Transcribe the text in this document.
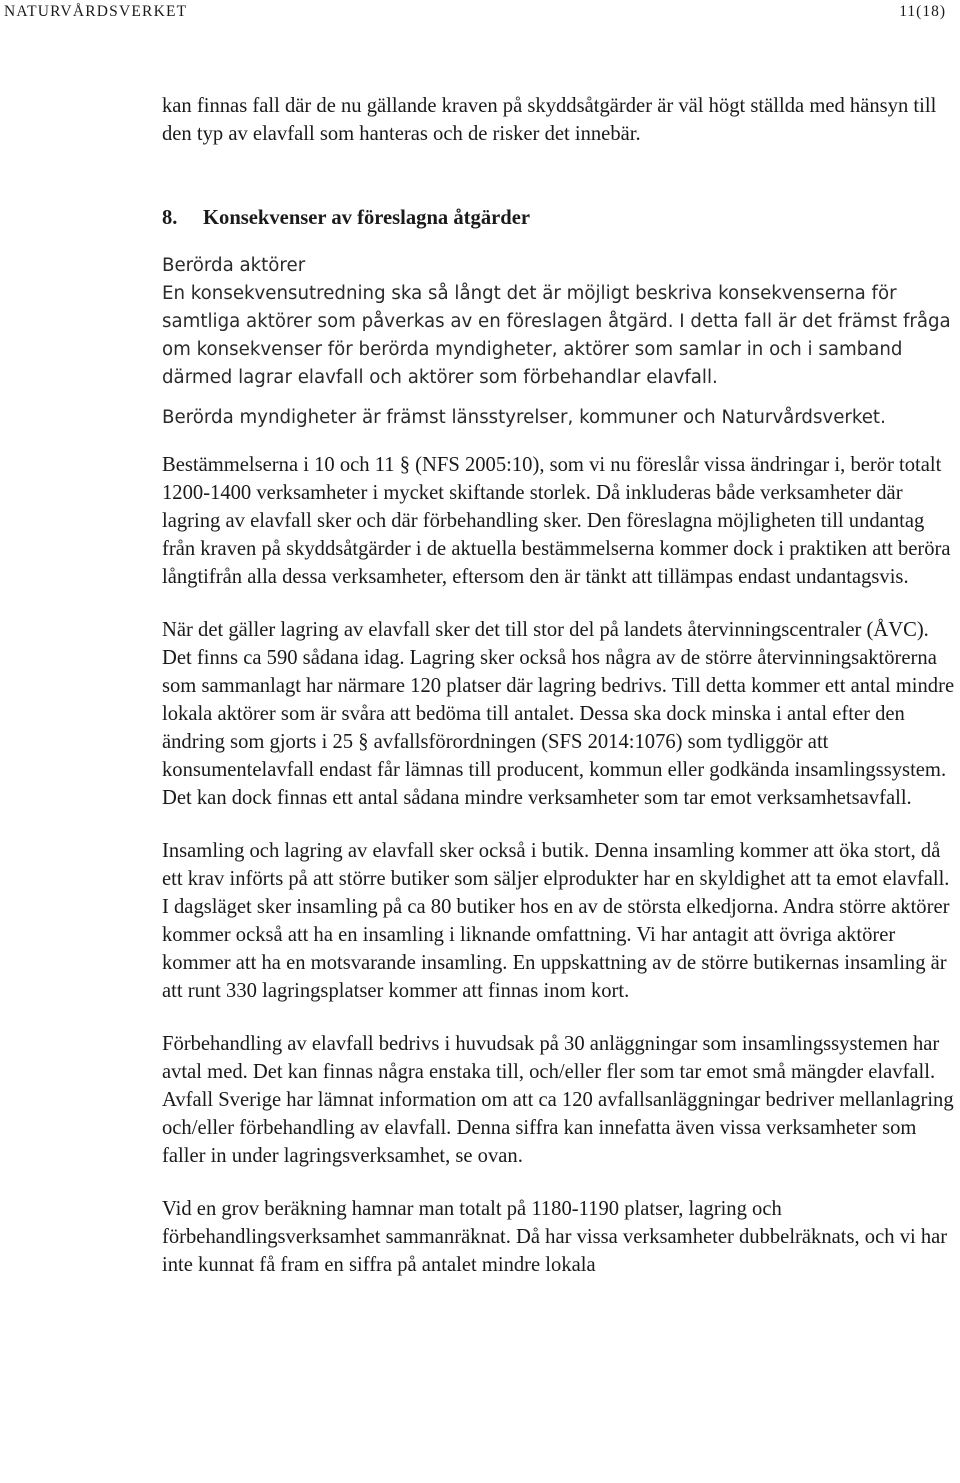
NATURVÅRDSVERKET	11(18)

kan finnas fall där de nu gällande kraven på skyddsåtgärder är väl högt ställda med hänsyn till den typ av elavfall som hanteras och de risker det innebär.

8. Konsekvenser av föreslagna åtgärder

Berörda aktörer

En konsekvensutredning ska så långt det är möjligt beskriva konsekvenserna för samtliga aktörer som påverkas av en föreslagen åtgärd. I detta fall är det främst fråga om konsekvenser för berörda myndigheter, aktörer som samlar in och i samband därmed lagrar elavfall och aktörer som förbehandlar elavfall.

Berörda myndigheter är främst länsstyrelser, kommuner och Naturvårdsverket.

Bestämmelserna i 10 och 11 § (NFS 2005:10), som vi nu föreslår vissa ändringar i, berör totalt 1200-1400 verksamheter i mycket skiftande storlek. Då inkluderas både verksamheter där lagring av elavfall sker och där förbehandling sker. Den föreslagna möjligheten till undantag från kraven på skyddsåtgärder i de aktuella bestämmelserna kommer dock i praktiken att beröra långtifrån alla dessa verksamheter, eftersom den är tänkt att tillämpas endast undantagsvis.

När det gäller lagring av elavfall sker det till stor del på landets återvinningscentraler (ÅVC). Det finns ca 590 sådana idag. Lagring sker också hos några av de större återvinningsaktörerna som sammanlagt har närmare 120 platser där lagring bedrivs. Till detta kommer ett antal mindre lokala aktörer som är svåra att bedöma till antalet. Dessa ska dock minska i antal efter den ändring som gjorts i 25 § avfallsförordningen (SFS 2014:1076) som tydliggör att konsumentelavfall endast får lämnas till producent, kommun eller godkända insamlingssystem. Det kan dock finnas ett antal sådana mindre verksamheter som tar emot verksamhetsavfall.

Insamling och lagring av elavfall sker också i butik. Denna insamling kommer att öka stort, då ett krav införts på att större butiker som säljer elprodukter har en skyldighet att ta emot elavfall. I dagsläget sker insamling på ca 80 butiker hos en av de största elkedjorna. Andra större aktörer kommer också att ha en insamling i liknande omfattning. Vi har antagit att övriga aktörer kommer att ha en motsvarande insamling. En uppskattning av de större butikernas insamling är att runt 330 lagringsplatser kommer att finnas inom kort.

Förbehandling av elavfall bedrivs i huvudsak på 30 anläggningar som insamlingssystemen har avtal med. Det kan finnas några enstaka till, och/eller fler som tar emot små mängder elavfall. Avfall Sverige har lämnat information om att ca 120 avfallsanläggningar bedriver mellanlagring och/eller förbehandling av elavfall. Denna siffra kan innefatta även vissa verksamheter som faller in under lagringsverksamhet, se ovan.

Vid en grov beräkning hamnar man totalt på 1180-1190 platser, lagring och förbehandlingsverksamhet sammanräknat. Då har vissa verksamheter dubbelräknats, och vi har inte kunnat få fram en siffra på antalet mindre lokala
